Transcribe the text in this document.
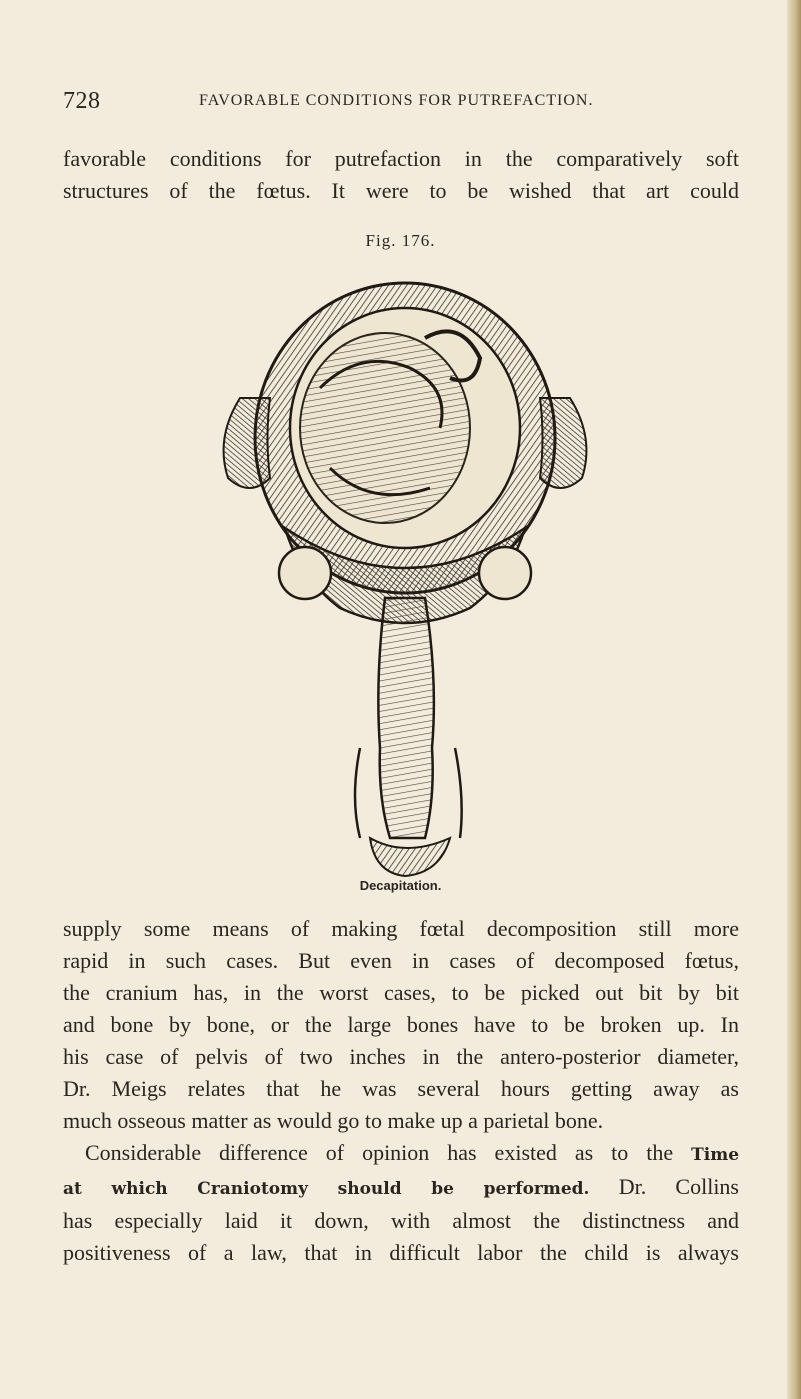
728	FAVORABLE CONDITIONS FOR PUTREFACTION.
favorable conditions for putrefaction in the comparatively soft
structures of the fœtus. It were to be wished that art could
Fig. 176.
Decapitation.
supply some means of making fœtal decomposition still more
rapid in such cases. But even in cases of decomposed fœtus,
the cranium has, in the worst cases, to be picked out bit by bit
and bone by bone, or the large bones have to be broken up. In
his case of pelvis of two inches in the antero-posterior diameter,
Dr. Meigs relates that he was several hours getting away as
much osseous matter as would go to make up a parietal bone.
Considerable difference of opinion has existed as to the Time
at which Craniotomy should be performed. Dr. Collins
has especially laid it down, with almost the distinctness and
positiveness of a law, that in difficult labor the child is always
